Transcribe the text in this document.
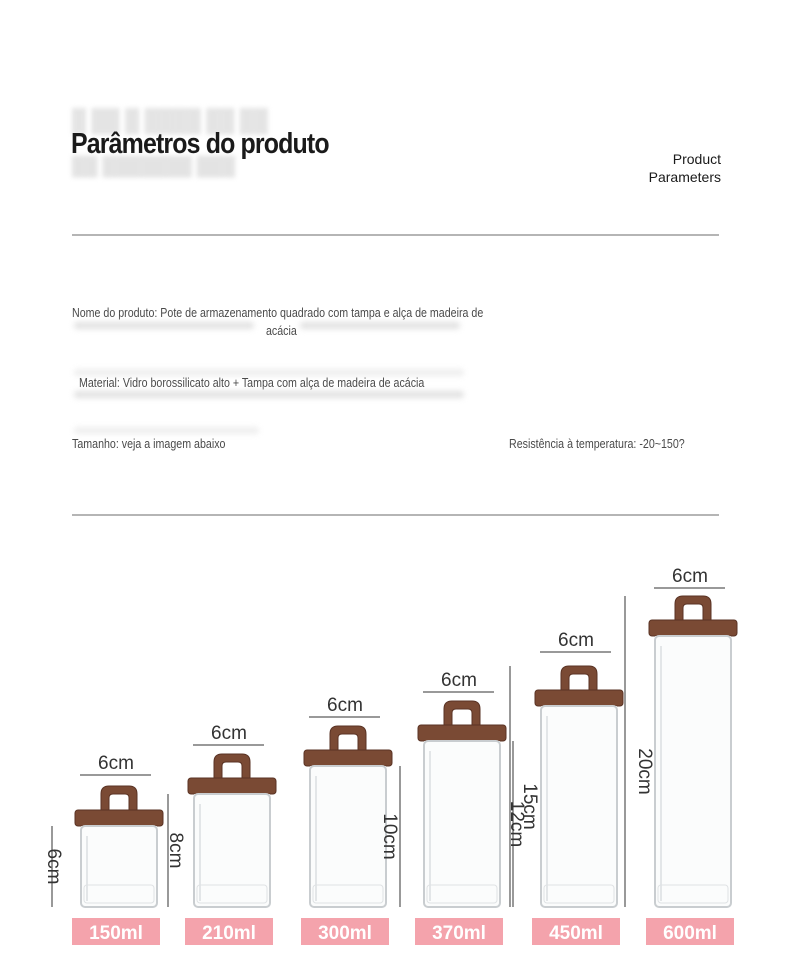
█ ██ █ ████ ██ ██
Parâmetros do produto
██ ███████ ███	Product
Parameters
Nome do produto: Pote de armazenamento quadrado com tampa e alça de madeira de
acácia
Material: Vidro borossilicato alto + Tampa com alça de madeira de acácia
Tamanho: veja a imagem abaixo	Resistência à temperatura: -20~150?
6cm
6cm
150ml
6cm
8cm
210ml
6cm
10cm
300ml
6cm
12cm
370ml
6cm
15cm
450ml
6cm
20cm
600ml
